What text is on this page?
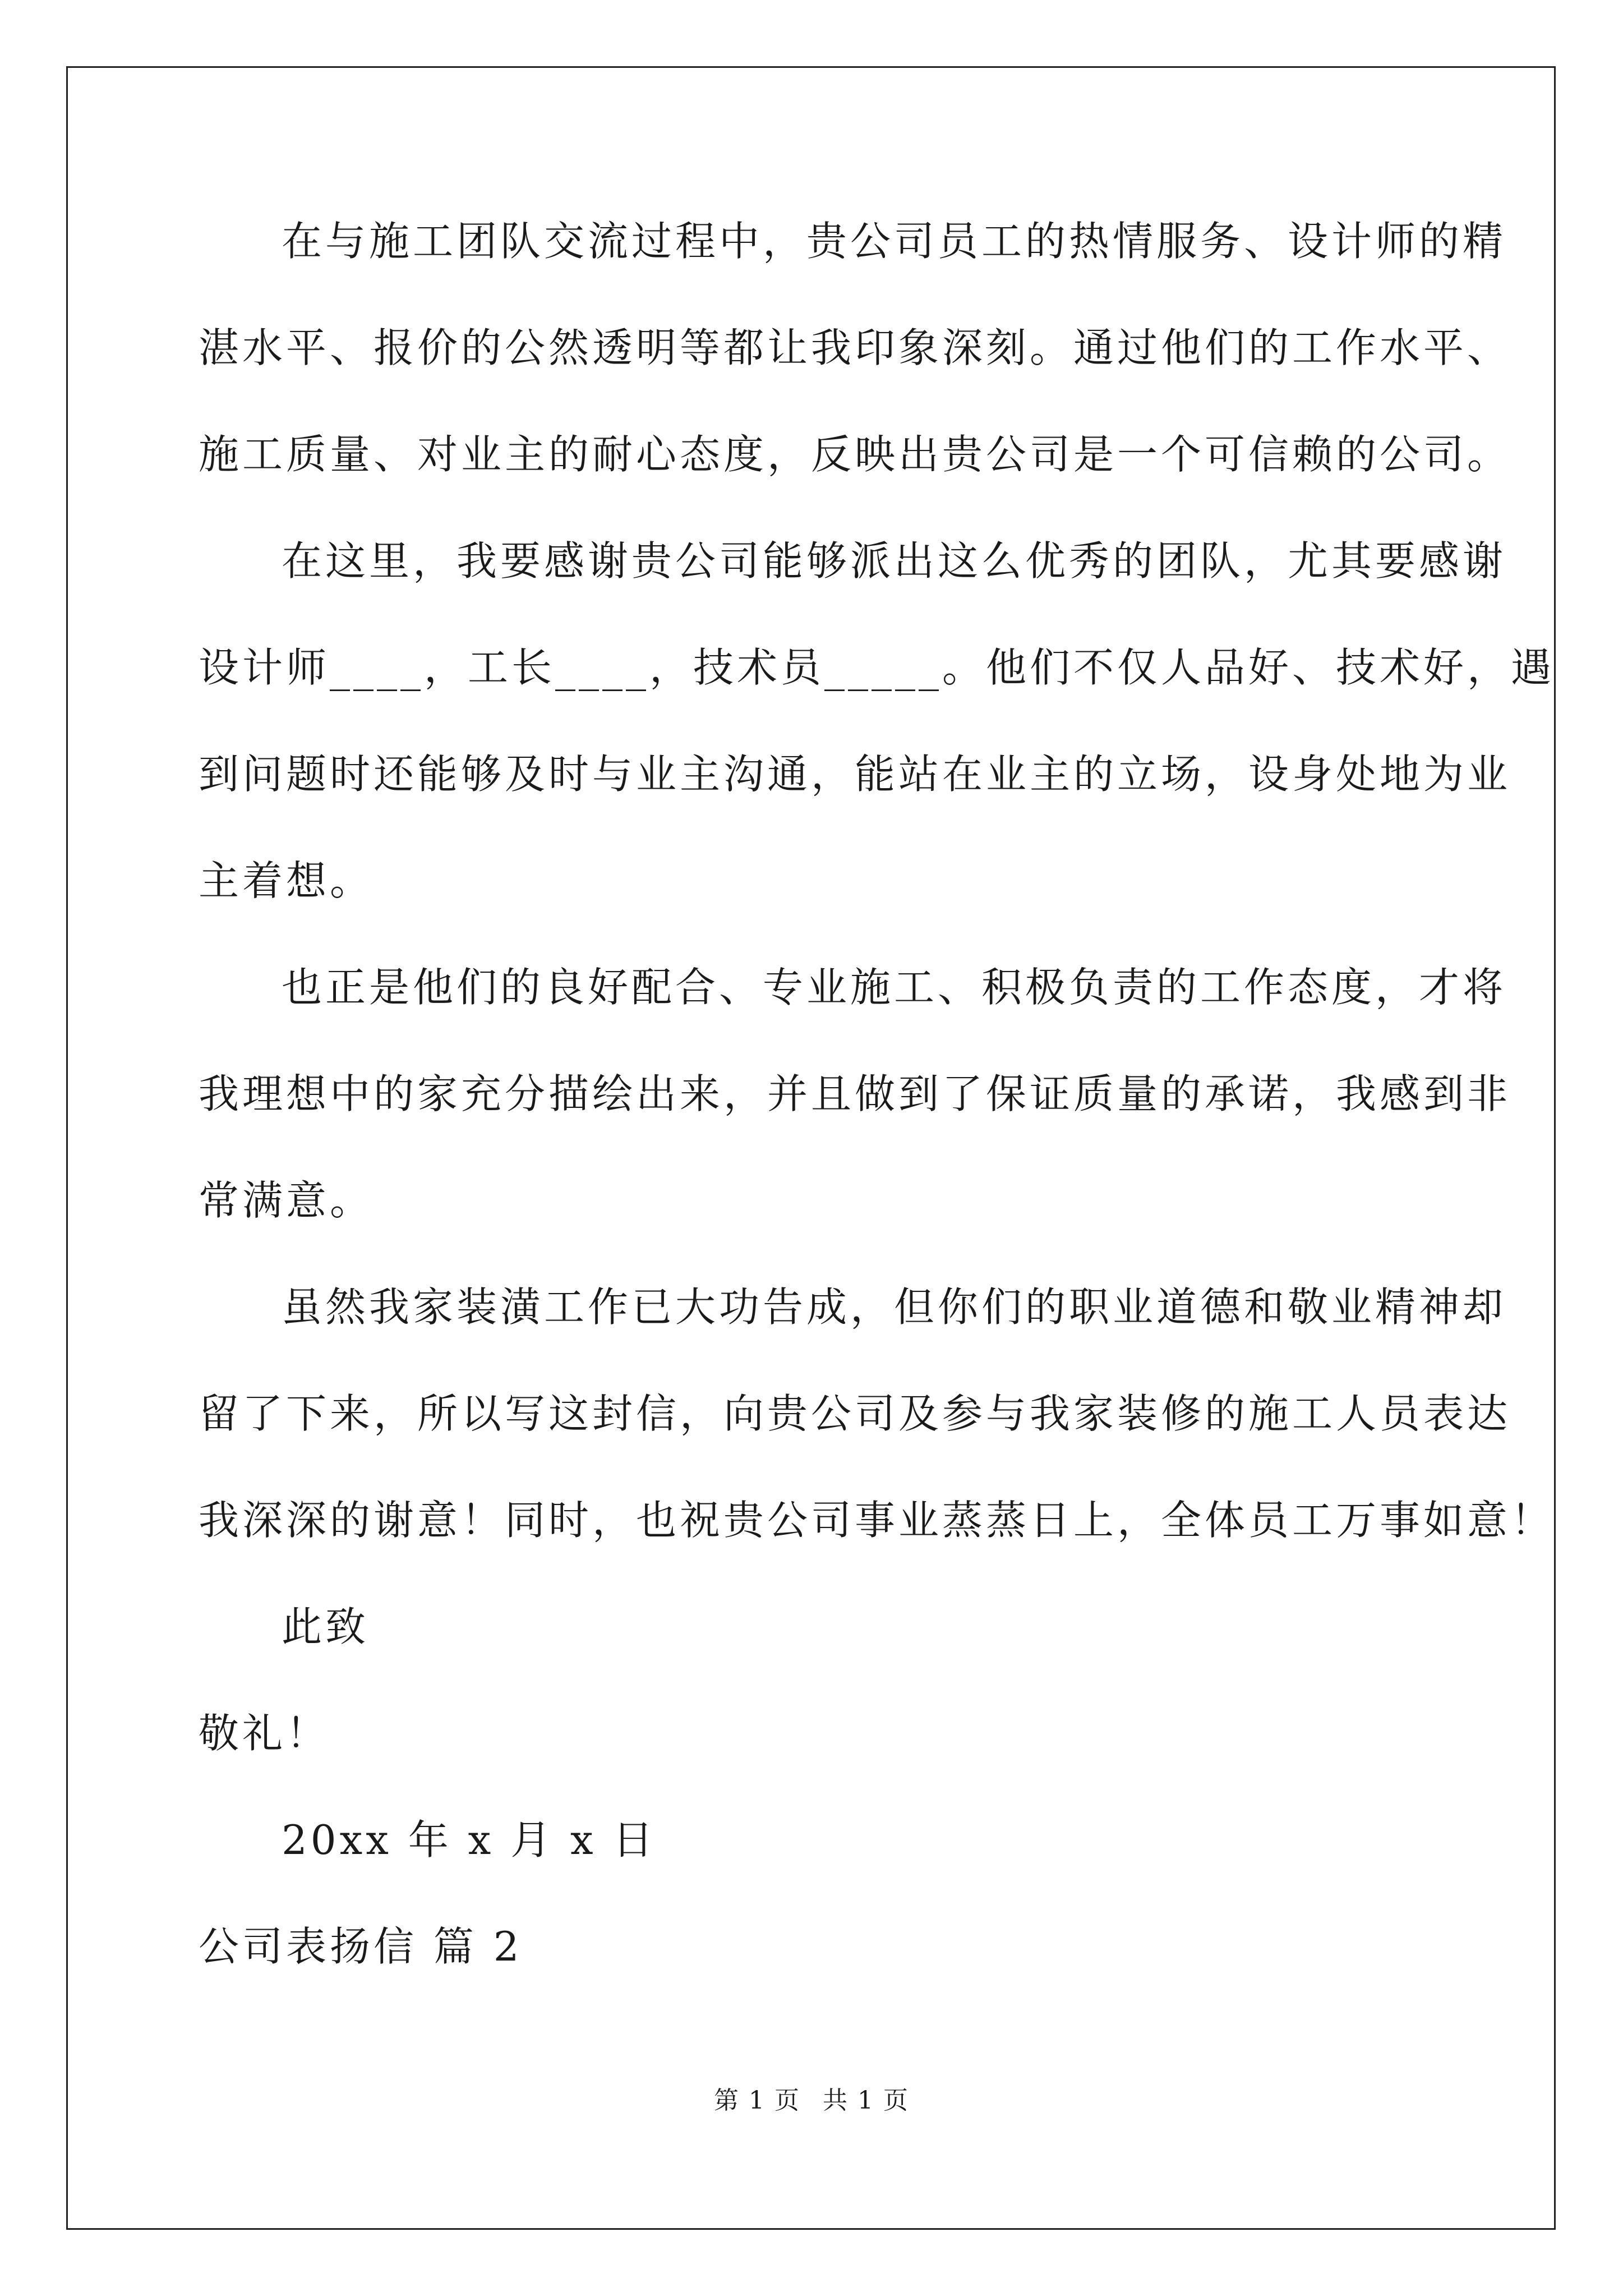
在与施工团队交流过程中，贵公司员工的热情服务、设计师的精
湛水平、报价的公然透明等都让我印象深刻。通过他们的工作水平、
施工质量、对业主的耐心态度，反映出贵公司是一个可信赖的公司。
在这里，我要感谢贵公司能够派出这么优秀的团队，尤其要感谢
设计师____，工长____，技术员_____。他们不仅人品好、技术好，遇
到问题时还能够及时与业主沟通，能站在业主的立场，设身处地为业
主着想。
也正是他们的良好配合、专业施工、积极负责的工作态度，才将
我理想中的家充分描绘出来，并且做到了保证质量的承诺，我感到非
常满意。
虽然我家装潢工作已大功告成，但你们的职业道德和敬业精神却
留了下来，所以写这封信，向贵公司及参与我家装修的施工人员表达
我深深的谢意！同时，也祝贵公司事业蒸蒸日上，全体员工万事如意！
此致
敬礼！
20xx 年 x 月 x 日
公司表扬信 篇 2
第 1 页 共 1 页
